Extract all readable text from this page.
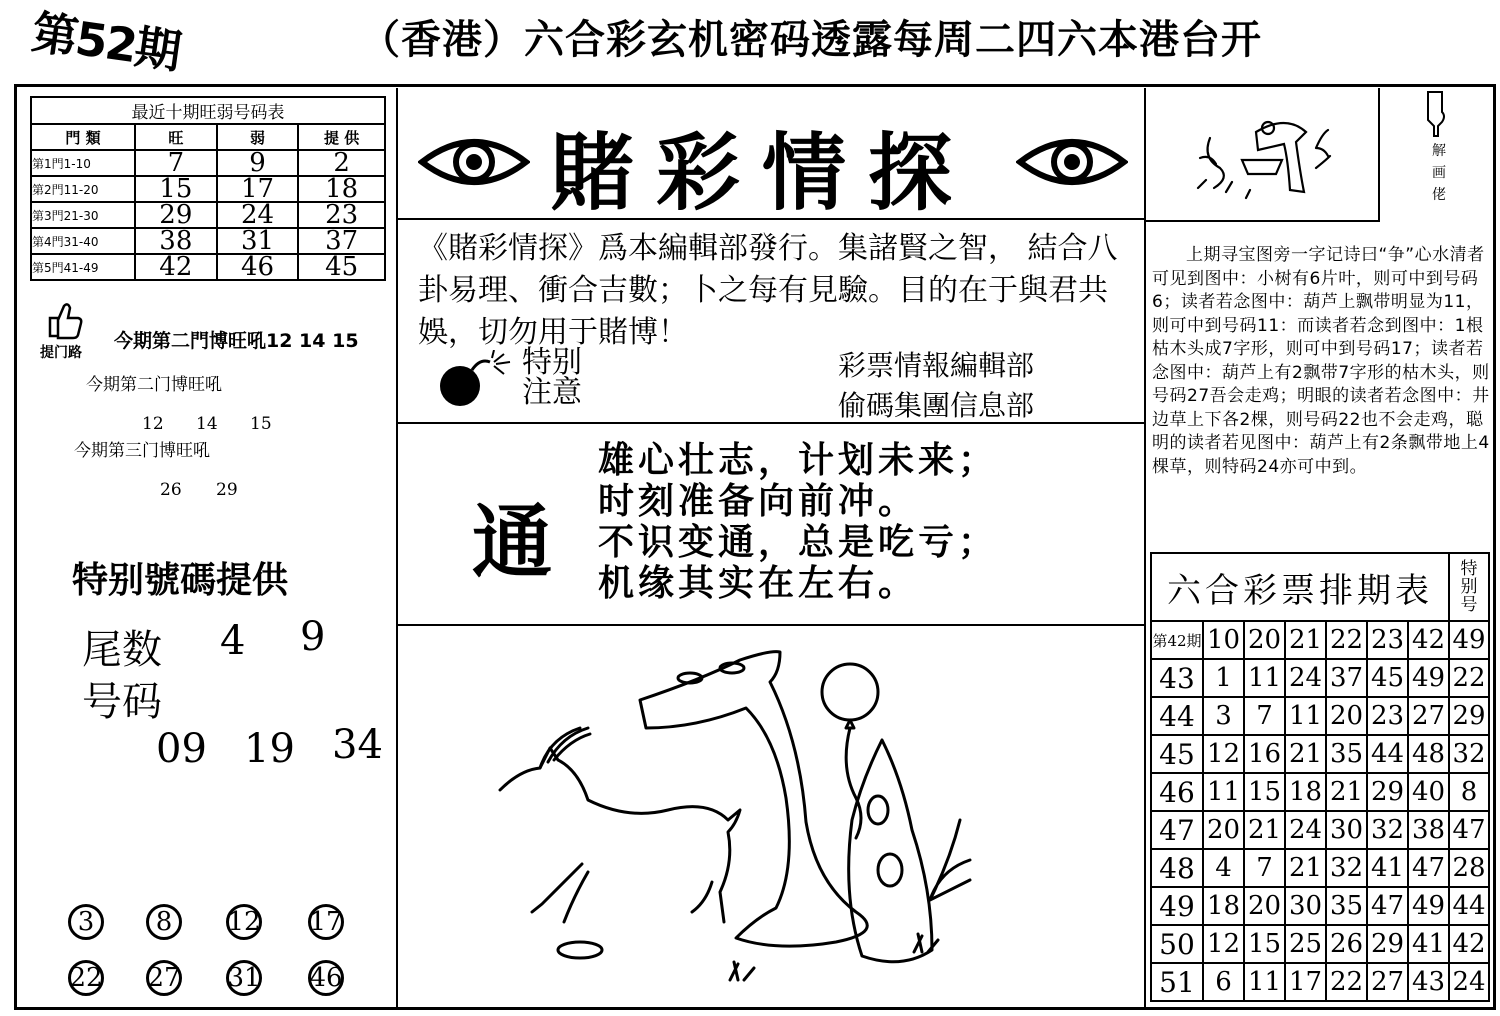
第52期	（香港）六合彩玄机密码透露每周二四六本港台开
最近十期旺弱号码表			
門 類	旺	弱	提 供
第1門1-10	7	9	2
第2門11-20	15	17	18
第3門21-30	29	24	23
第4門31-40	38	31	37
第5門41-49	42	46	45
提门路
今期第二門博旺吼12 14 15
今期第二门博旺吼
12 14 15
今期第三门博旺吼
26 29
特别號碼提供
尾数 4 9
号码
09 19 34
3	8	12 17
22 27 31 46
賭彩情探
《賭彩情探》爲本編輯部發行。集諸賢之智， 結合八卦易理、衝合吉數；卜之每有見驗。目的在于與君共娛，切勿用于賭博！
特别
注意
彩票情報編輯部
偷碼集團信息部
通
雄心壮志，计划未来；
时刻准备向前冲。
不识变通，总是吃亏；
机缘其实在左右。
解
画
佬
上期寻宝图旁一字记诗曰“争”心水清者可见到图中：小树有6片叶，则可中到号码6；读者若念图中：葫芦上飘带明显为11，则可中到号码11：而读者若念到图中：1根枯木头成7字形，则可中到号码17；读者若念图中：葫芦上有2飘带7字形的枯木头，则号码27吾会走鸡；明眼的读者若念图中：井边草上下各2棵，则号码22也不会走鸡，聪明的读者若见图中：葫芦上有2条飘带地上4棵草，则特码24亦可中到。
六合彩票排期表							特
别
号

第42期	10	20	21	22	23	42	49
43	1	11	24	37	45	49	22
44	3	7	11	20	23	27	29
45	12	16	21	35	44	48	32
46	11	15	18	21	29	40	8
47	20	21	24	30	32	38	47
48	4	7	21	32	41	47	28
49	18	20	30	35	47	49	44
50	12	15	25	26	29	41	42
51	6	11	17	22	27	43	24
